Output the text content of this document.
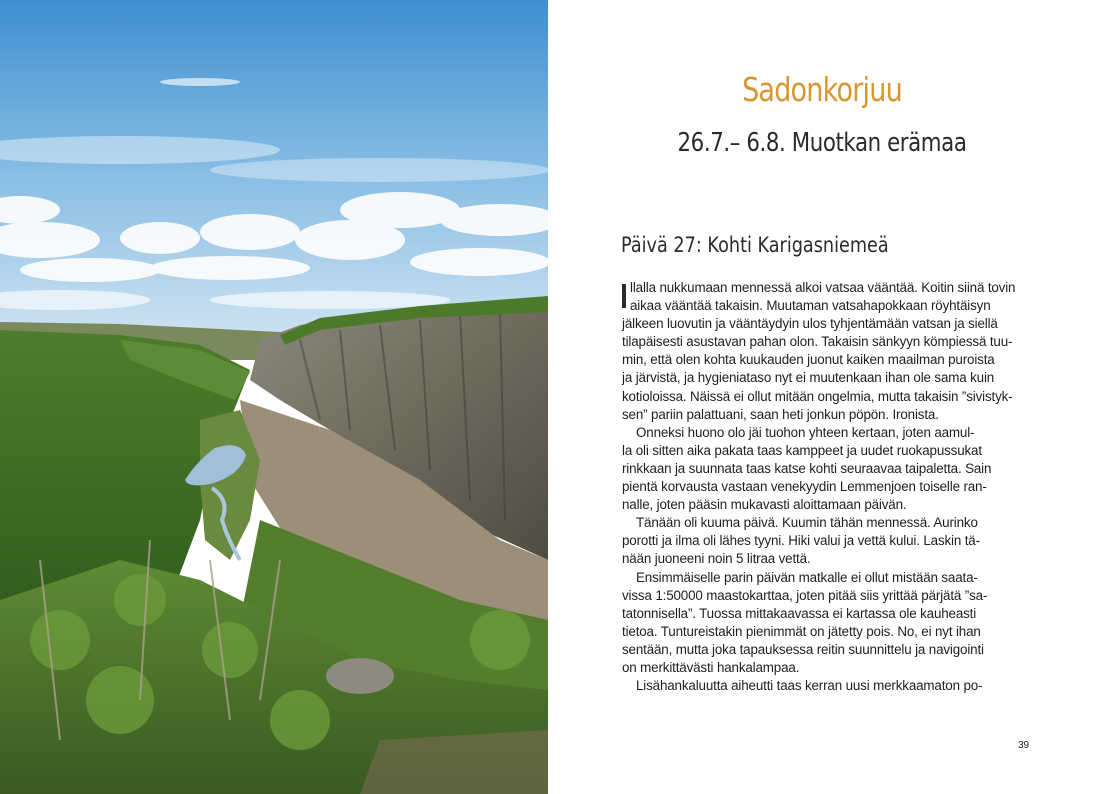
Sadonkorjuu
26.7.– 6.8. Muotkan erämaa
Päivä 27: Kohti Karigasniemeä
llalla nukkumaan mennessä alkoi vatsaa vääntää. Koitin siinä tovin
aikaa vääntää takaisin. Muutaman vatsahapokkaan röyhtäisyn
jälkeen luovutin ja vääntäydyin ulos tyhjentämään vatsan ja siellä
tilapäisesti asustavan pahan olon. Takaisin sänkyyn kömpiessä tuu-
min, että olen kohta kuukauden juonut kaiken maailman puroista
ja järvistä, ja hygieniataso nyt ei muutenkaan ihan ole sama kuin
kotioloissa. Näissä ei ollut mitään ongelmia, mutta takaisin ”sivistyk-
sen” pariin palattuani, saan heti jonkun pöpön. Ironista.
Onneksi huono olo jäi tuohon yhteen kertaan, joten aamul-
la oli sitten aika pakata taas kamppeet ja uudet ruokapussukat
rinkkaan ja suunnata taas katse kohti seuraavaa taipaletta. Sain
pientä korvausta vastaan venekyydin Lemmenjoen toiselle ran-
nalle, joten pääsin mukavasti aloittamaan päivän.
Tänään oli kuuma päivä. Kuumin tähän mennessä. Aurinko
porotti ja ilma oli lähes tyyni. Hiki valui ja vettä kului. Laskin tä-
nään juoneeni noin 5 litraa vettä.
Ensimmäiselle parin päivän matkalle ei ollut mistään saata-
vissa 1:50000 maastokarttaa, joten pitää siis yrittää pärjätä ”sa-
tatonnisella”. Tuossa mittakaavassa ei kartassa ole kauheasti
tietoa. Tuntureistakin pienimmät on jätetty pois. No, ei nyt ihan
sentään, mutta joka tapauksessa reitin suunnittelu ja navigointi
on merkittävästi hankalampaa.
Lisähankaluutta aiheutti taas kerran uusi merkkaamaton po-
39
